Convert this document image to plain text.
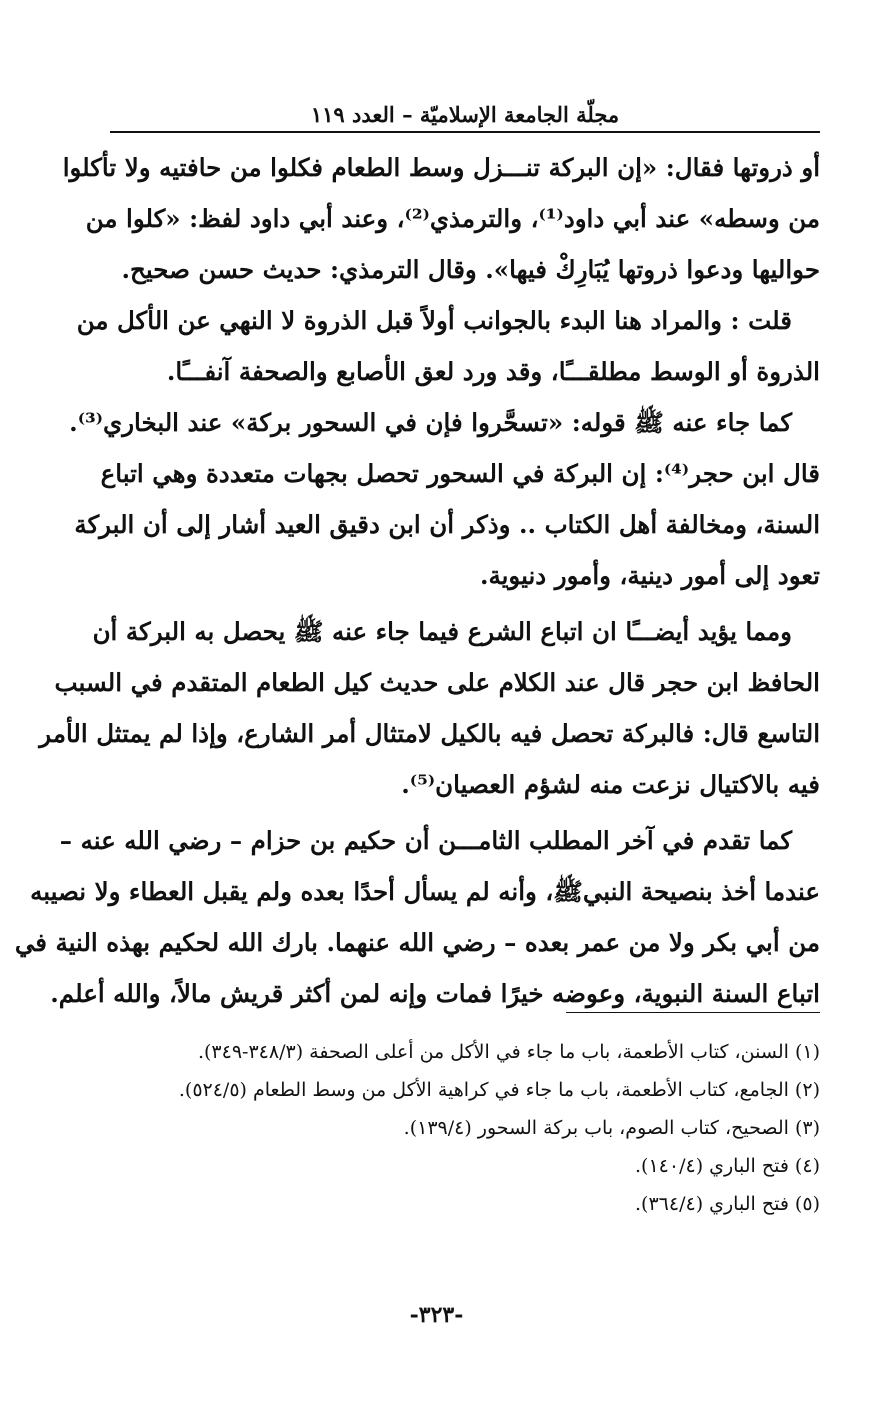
مجلّة الجامعة الإسلاميّة – العدد ١١٩
أو ذروتها فقال: «إن البركة تنـــزل وسط الطعام فكلوا من حافتيه ولا تأكلوا
من وسطه» عند أبي داود⁽¹⁾، والترمذي⁽²⁾، وعند أبي داود لفظ: «كلوا من
حواليها ودعوا ذروتها يُبَارِكْ فيها». وقال الترمذي: حديث حسن صحيح.
قلت : والمراد هنا البدء بالجوانب أولاً قبل الذروة لا النهي عن الأكل من
الذروة أو الوسط مطلقـــًا، وقد ورد لعق الأصابع والصحفة آنفـــًا.
كما جاء عنه ﷺ قوله: «تسحَّروا فإن في السحور بركة» عند البخاري⁽³⁾.
قال ابن حجر⁽⁴⁾: إن البركة في السحور تحصل بجهات متعددة وهي اتباع
السنة، ومخالفة أهل الكتاب .. وذكر أن ابن دقيق العيد أشار إلى أن البركة
تعود إلى أمور دينية، وأمور دنيوية.
ومما يؤيد أيضـــًا ان اتباع الشرع فيما جاء عنه ﷺ يحصل به البركة أن
الحافظ ابن حجر قال عند الكلام على حديث كيل الطعام المتقدم في السبب
التاسع قال: فالبركة تحصل فيه بالكيل لامتثال أمر الشارع، وإذا لم يمتثل الأمر
فيه بالاكتيال نزعت منه لشؤم العصيان⁽⁵⁾.
كما تقدم في آخر المطلب الثامـــن أن حكيم بن حزام – رضي الله عنه –
عندما أخذ بنصيحة النبيﷺ، وأنه لم يسأل أحدًا بعده ولم يقبل العطاء ولا نصيبه
من أبي بكر ولا من عمر بعده – رضي الله عنهما. بارك الله لحكيم بهذه النية في
اتباع السنة النبوية، وعوضه خيرًا فمات وإنه لمن أكثر قريش مالاً، والله أعلم.
(١) السنن، كتاب الأطعمة، باب ما جاء في الأكل من أعلى الصحفة (٣٤٨/٣-٣٤٩).
(٢) الجامع، كتاب الأطعمة، باب ما جاء في كراهية الأكل من وسط الطعام (٥٢٤/٥).
(٣) الصحيح، كتاب الصوم، باب بركة السحور (١٣٩/٤).
(٤) فتح الباري (١٤٠/٤).
(٥) فتح الباري (٣٦٤/٤).
-٣٢٣-
